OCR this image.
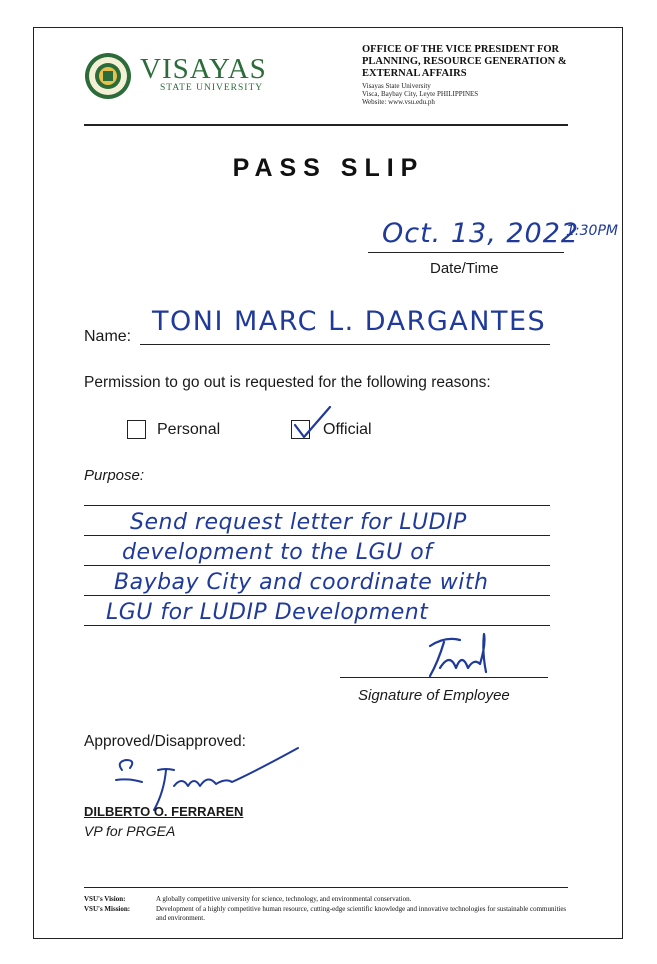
VISAYAS
STATE UNIVERSITY
OFFICE OF THE VICE PRESIDENT FOR PLANNING, RESOURCE GENERATION & EXTERNAL AFFAIRS
Visayas State University
Visca, Baybay City, Leyte PHILIPPINES
Website: www.vsu.edu.ph
PASS SLIP
Oct. 13, 2022
1:30PM
Date/Time
Name: TONI MARC L. DARGANTES
Permission to go out is requested for the following reasons:
Personal	Official
Purpose:
Send request letter for LUDIP
development to the LGU of
Baybay City and coordinate with
LGU for LUDIP Development
Signature of Employee
Approved/Disapproved:
DILBERTO O. FERRAREN
VP for PRGEA
VSU's Vision:	A globally competitive university for science, technology, and environmental conservation.
VSU's Mission:	Development of a highly competitive human resource, cutting-edge scientific knowledge and innovative technologies for sustainable communities and environment.
